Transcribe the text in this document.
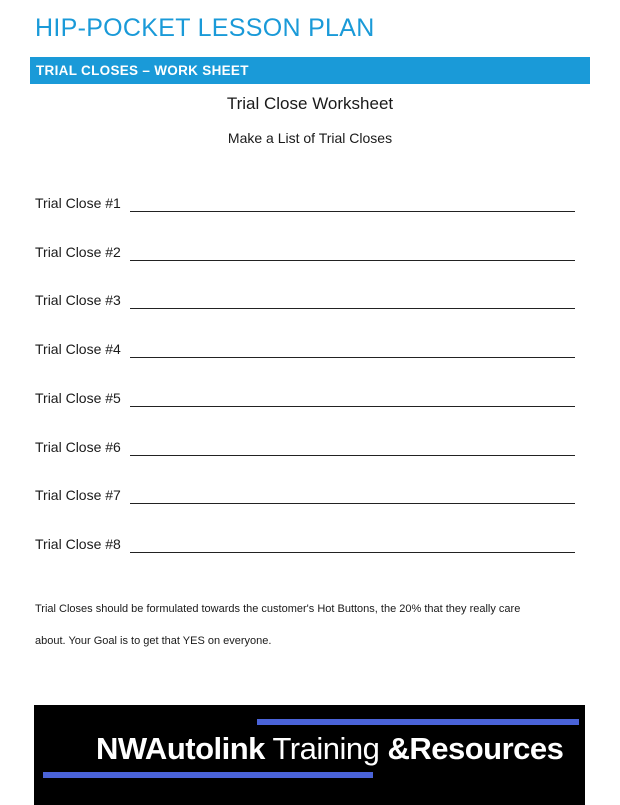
HIP-POCKET LESSON PLAN
TRIAL CLOSES – WORK SHEET
Trial Close Worksheet
Make a List of Trial Closes
Trial Close #1
Trial Close #2
Trial Close #3
Trial Close #4
Trial Close #5
Trial Close #6
Trial Close #7
Trial Close #8
Trial Closes should be formulated towards the customer's Hot Buttons, the 20% that they really care
about. Your Goal is to get that YES on everyone.
NWAutolink Training &Resources
